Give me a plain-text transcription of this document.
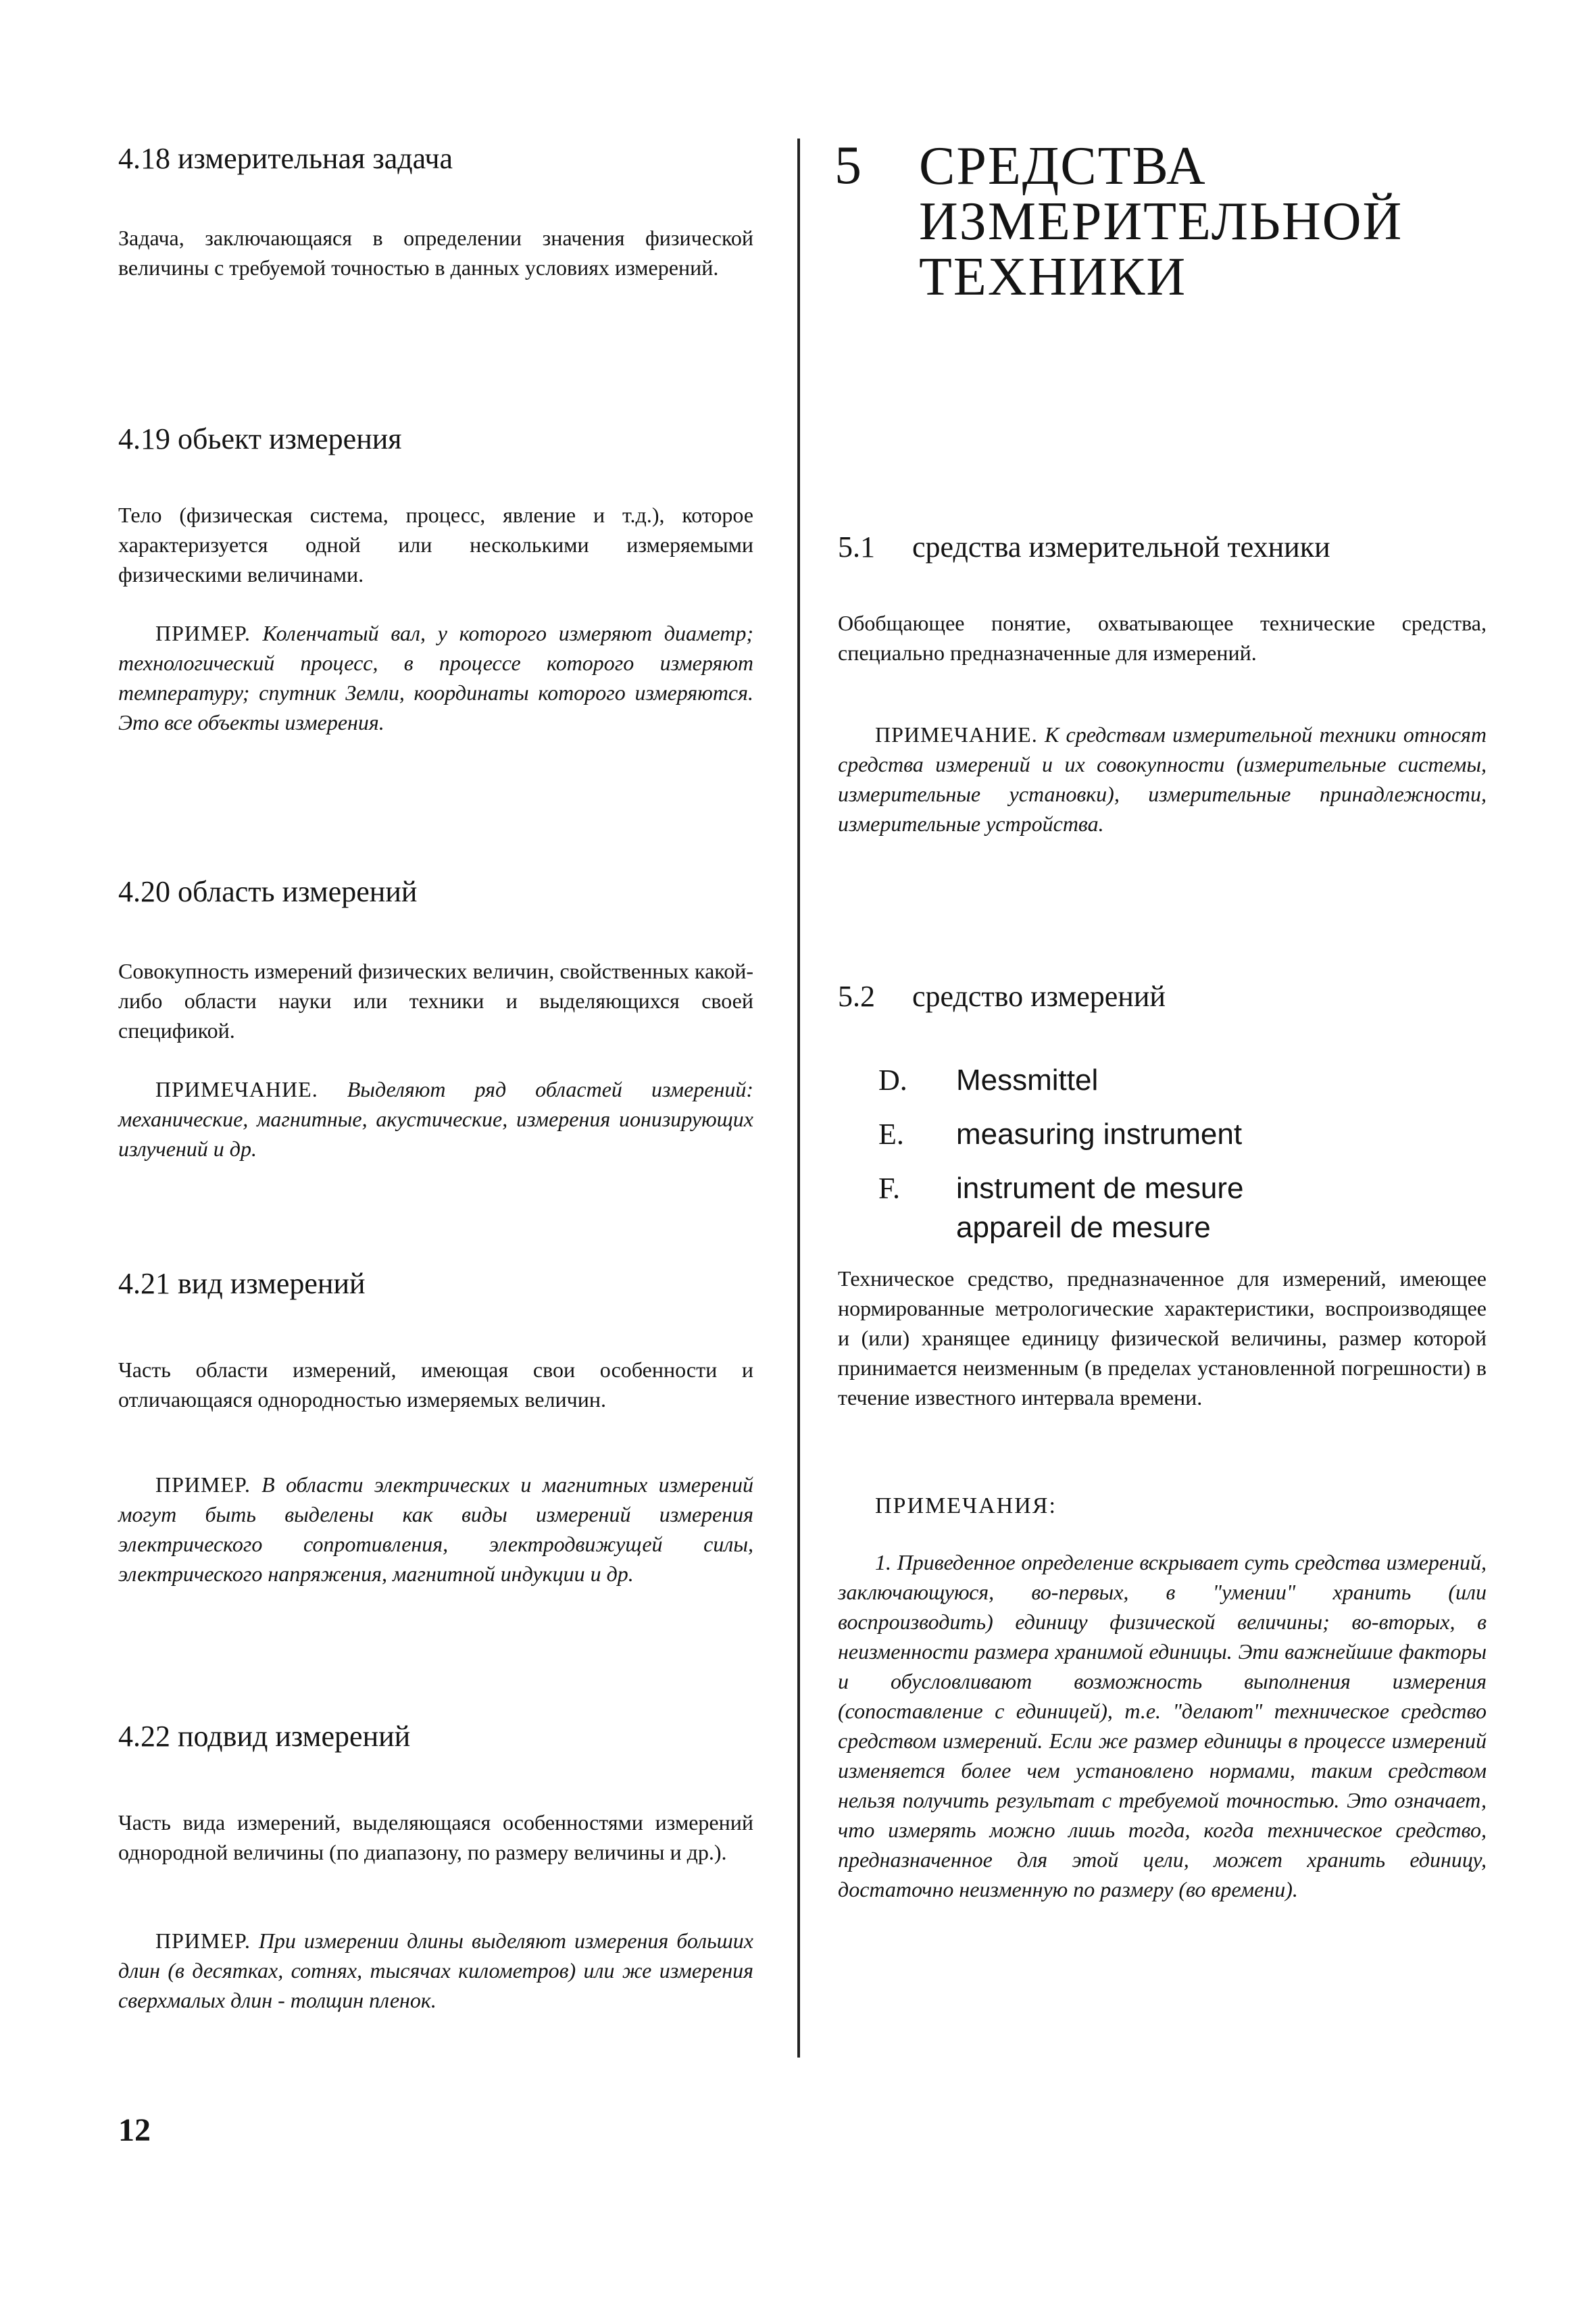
4.18 измерительная задача
Задача, заключающаяся в определении значения физической величины с требуемой точностью в данных условиях измерений.
4.19 обьект измерения
Тело (физическая система, процесс, явление и т.д.), которое характеризуется одной или несколькими измеряемыми физическими величинами.
ПРИМЕР. Коленчатый вал, у которого измеряют диаметр; технологический процесс, в процессе которого измеряют температуру; спутник Земли, координаты которого измеряются. Это все объекты измерения.
4.20 область измерений
Совокупность измерений физических величин, свойственных какой-либо области науки или техники и выделяющихся своей спецификой.
ПРИМЕЧАНИЕ. Выделяют ряд областей измерений: механические, магнитные, акустические, измерения ионизирующих излучений и др.
4.21 вид измерений
Часть области измерений, имеющая свои особенности и отличающаяся однородностью измеряемых величин.
ПРИМЕР. В области электрических и магнитных измерений могут быть выделены как виды измерений измерения электрического сопротивления, электродвижущей силы, электрического напряжения, магнитной индукции и др.
4.22 подвид измерений
Часть вида измерений, выделяющаяся особенностями измерений однородной величины (по диапазону, по размеру величины и др.).
ПРИМЕР. При измерении длины выделяют измерения больших длин (в десятках, сотнях, тысячах километров) или же измерения сверхмалых длин - толщин пленок.
5 СРЕДСТВА
ИЗМЕРИТЕЛЬНОЙ
ТЕХНИКИ
5.1 средства измерительной техники
Обобщающее понятие, охватывающее технические средства, специально предназначенные для измерений.
ПРИМЕЧАНИЕ. К средствам измерительной техники относят средства измерений и их совокупности (измерительные системы, измерительные установки), измерительные принадлежности, измерительные устройства.
5.2 средство измерений
D.	Messmittel
E.	measuring instrument
F.	instrument de mesure
appareil de mesure
Техническое средство, предназначенное для измерений, имеющее нормированные метрологические характеристики, воспроизводящее и (или) хранящее единицу физической величины, размер которой принимается неизменным (в пределах установленной погрешности) в течение известного интервала времени.
ПРИМЕЧАНИЯ:
1. Приведенное определение вскрывает суть средства измерений, заключающуюся, во-первых, в "умении" хранить (или воспроизводить) единицу физической величины; во-вторых, в неизменности размера хранимой единицы. Эти важнейшие факторы и обусловливают возможность выполнения измерения (сопоставление с единицей), т.е. "делают" техническое средство средством измерений. Если же размер единицы в процессе измерений изменяется более чем установлено нормами, таким средством нельзя получить результат с требуемой точностью. Это означает, что измерять можно лишь тогда, когда техническое средство, предназначенное для этой цели, может хранить единицу, достаточно неизменную по размеру (во времени).
12
